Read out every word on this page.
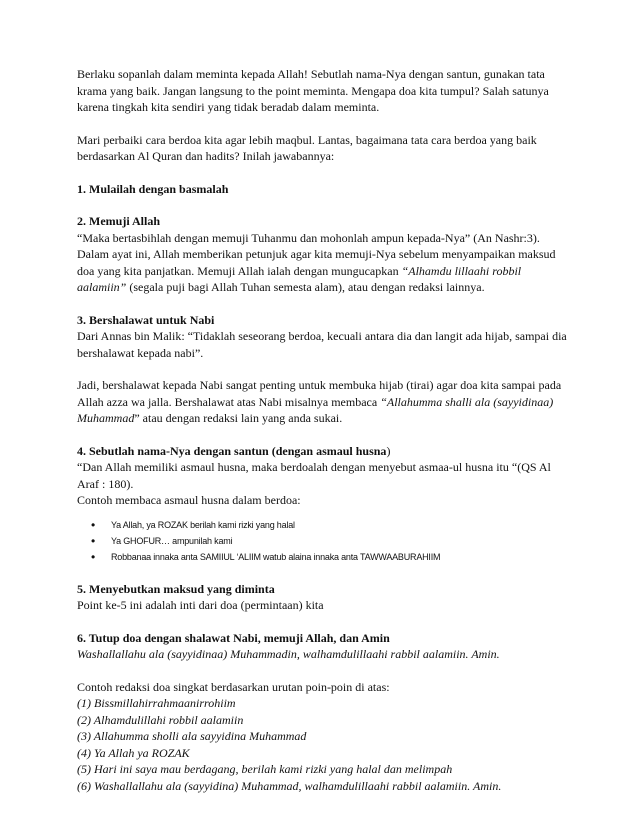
Berlaku sopanlah dalam meminta kepada Allah! Sebutlah nama-Nya dengan santun, gunakan tata krama yang baik. Jangan langsung to the point meminta. Mengapa doa kita tumpul? Salah satunya karena tingkah kita sendiri yang tidak beradab dalam meminta.

Mari perbaiki cara berdoa kita agar lebih maqbul. Lantas, bagaimana tata cara berdoa yang baik berdasarkan Al Quran dan hadits? Inilah jawabannya:

1. Mulailah dengan basmalah

2. Memuji Allah

“Maka bertasbihlah dengan memuji Tuhanmu dan mohonlah ampun kepada-Nya” (An Nashr:3). Dalam ayat ini, Allah memberikan petunjuk agar kita memuji-Nya sebelum menyampaikan maksud doa yang kita panjatkan. Memuji Allah ialah dengan mungucapkan “Alhamdu lillaahi robbil aalamiin” (segala puji bagi Allah Tuhan semesta alam), atau dengan redaksi lainnya.

3. Bershalawat untuk Nabi

Dari Annas bin Malik: “Tidaklah seseorang berdoa, kecuali antara dia dan langit ada hijab, sampai dia bershalawat kepada nabi”.

Jadi, bershalawat kepada Nabi sangat penting untuk membuka hijab (tirai) agar doa kita sampai pada Allah azza wa jalla. Bershalawat atas Nabi misalnya membaca “Allahumma shalli ala (sayyidinaa) Muhammad” atau dengan redaksi lain yang anda sukai.

4. Sebutlah nama-Nya dengan santun (dengan asmaul husna)

“Dan Allah memiliki asmaul husna, maka berdoalah dengan menyebut asmaa-ul husna itu “(QS Al Araf : 180).

Contoh membaca asmaul husna dalam berdoa:

• Ya Allah, ya ROZAK berilah kami rizki yang halal
• Ya GHOFUR… ampunilah kami
• Robbanaa innaka anta SAMIIUL ‘ALIIM watub alaina innaka anta TAWWAABURAHIIM

5. Menyebutkan maksud yang diminta

Point ke-5 ini adalah inti dari doa (permintaan) kita

6. Tutup doa dengan shalawat Nabi, memuji Allah, dan Amin

Washallallahu ala (sayyidinaa) Muhammadin, walhamdulillaahi rabbil aalamiin. Amin.

Contoh redaksi doa singkat berdasarkan urutan poin-poin di atas:

(1) Bissmillahirrahmaanirrohiim

(2) Alhamdulillahi robbil aalamiin

(3) Allahumma sholli ala sayyidina Muhammad

(4) Ya Allah ya ROZAK

(5) Hari ini saya mau berdagang, berilah kami rizki yang halal dan melimpah

(6) Washallallahu ala (sayyidina) Muhammad, walhamdulillaahi rabbil aalamiin. Amin.
